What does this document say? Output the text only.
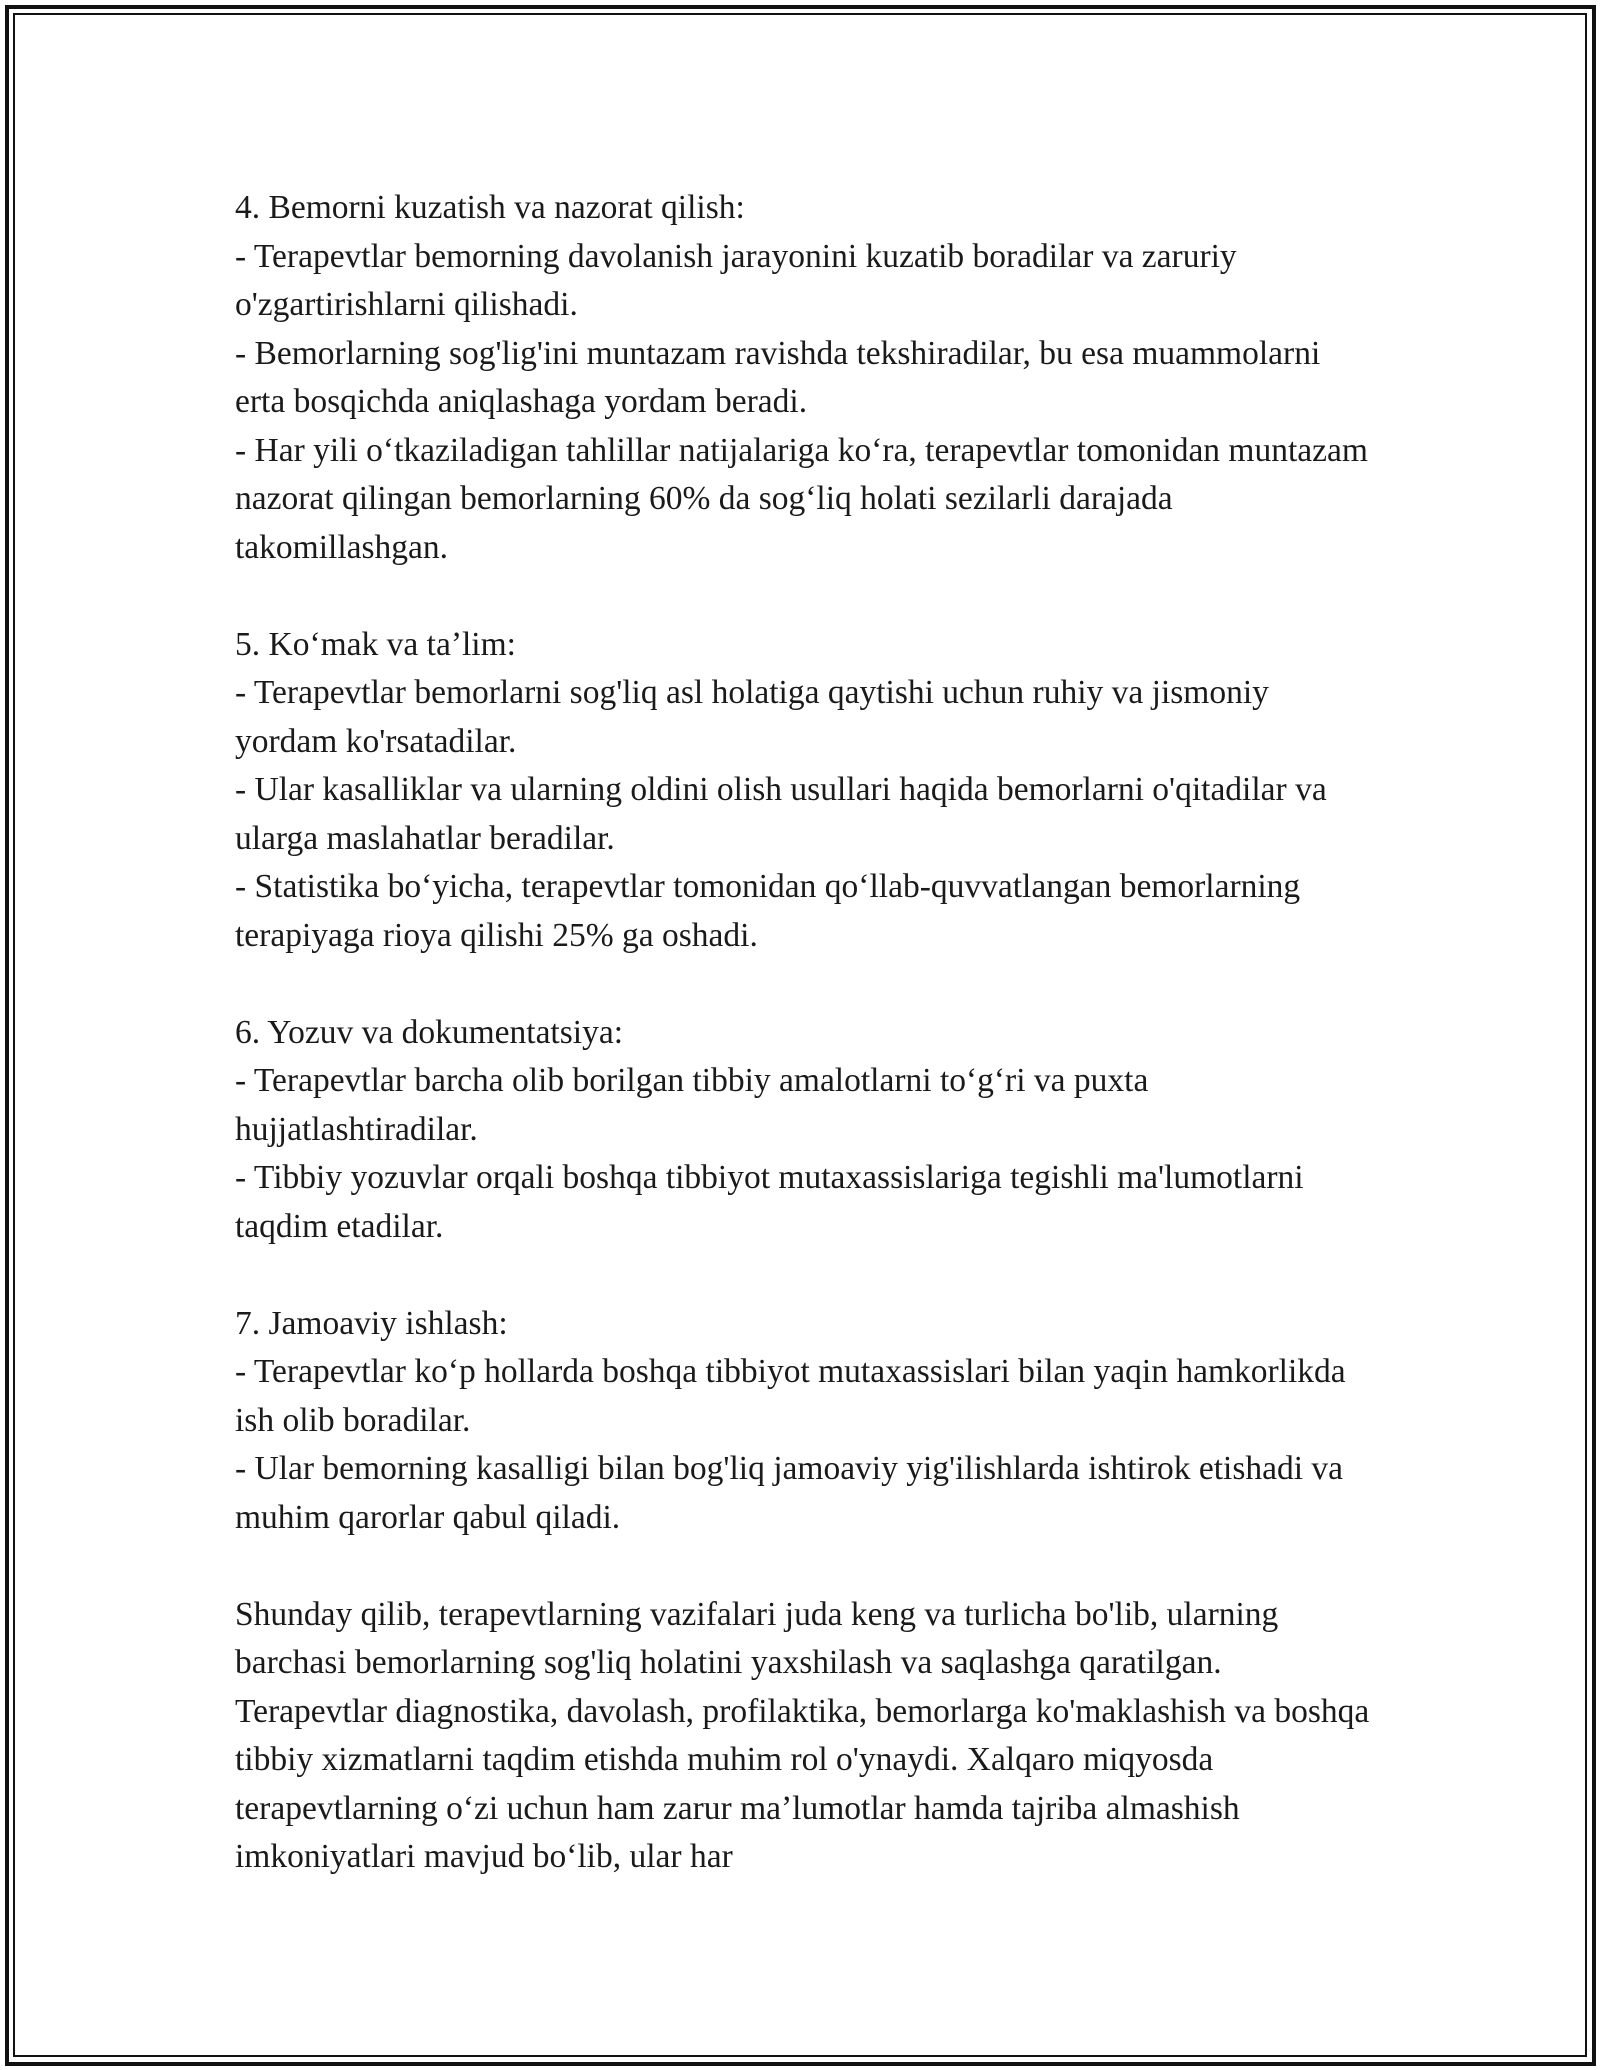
4. Bemorni kuzatish va nazorat qilish:
- Terapevtlar bemorning davolanish jarayonini kuzatib boradilar va zaruriy o'zgartirishlarni qilishadi.
- Bemorlarning sog'lig'ini muntazam ravishda tekshiradilar, bu esa muammolarni erta bosqichda aniqlashaga yordam beradi.
- Har yili oʻtkaziladigan tahlillar natijalariga koʻra, terapevtlar tomonidan muntazam nazorat qilingan bemorlarning 60% da sogʻliq holati sezilarli darajada takomillashgan.
5. Koʻmak va taʼlim:
- Terapevtlar bemorlarni sog'liq asl holatiga qaytishi uchun ruhiy va jismoniy yordam ko'rsatadilar.
- Ular kasalliklar va ularning oldini olish usullari haqida bemorlarni o'qitadilar va ularga maslahatlar beradilar.
- Statistika boʻyicha, terapevtlar tomonidan qoʻllab-quvvatlangan bemorlarning terapiyaga rioya qilishi 25% ga oshadi.
6. Yozuv va dokumentatsiya:
- Terapevtlar barcha olib borilgan tibbiy amalotlarni toʻgʻri va puxta hujjatlashtiradilar.
- Tibbiy yozuvlar orqali boshqa tibbiyot mutaxassislariga tegishli ma'lumotlarni taqdim etadilar.
7. Jamoaviy ishlash:
- Terapevtlar koʻp hollarda boshqa tibbiyot mutaxassislari bilan yaqin hamkorlikda ish olib boradilar.
- Ular bemorning kasalligi bilan bog'liq jamoaviy yig'ilishlarda ishtirok etishadi va muhim qarorlar qabul qiladi.

Shunday qilib, terapevtlarning vazifalari juda keng va turlicha bo'lib, ularning barchasi bemorlarning sog'liq holatini yaxshilash va saqlashga qaratilgan. Terapevtlar diagnostika, davolash, profilaktika, bemorlarga ko'maklashish va boshqa tibbiy xizmatlarni taqdim etishda muhim rol o'ynaydi. Xalqaro miqyosda terapevtlarning oʻzi uchun ham zarur maʼlumotlar hamda tajriba almashish imkoniyatlari mavjud boʻlib, ular har
